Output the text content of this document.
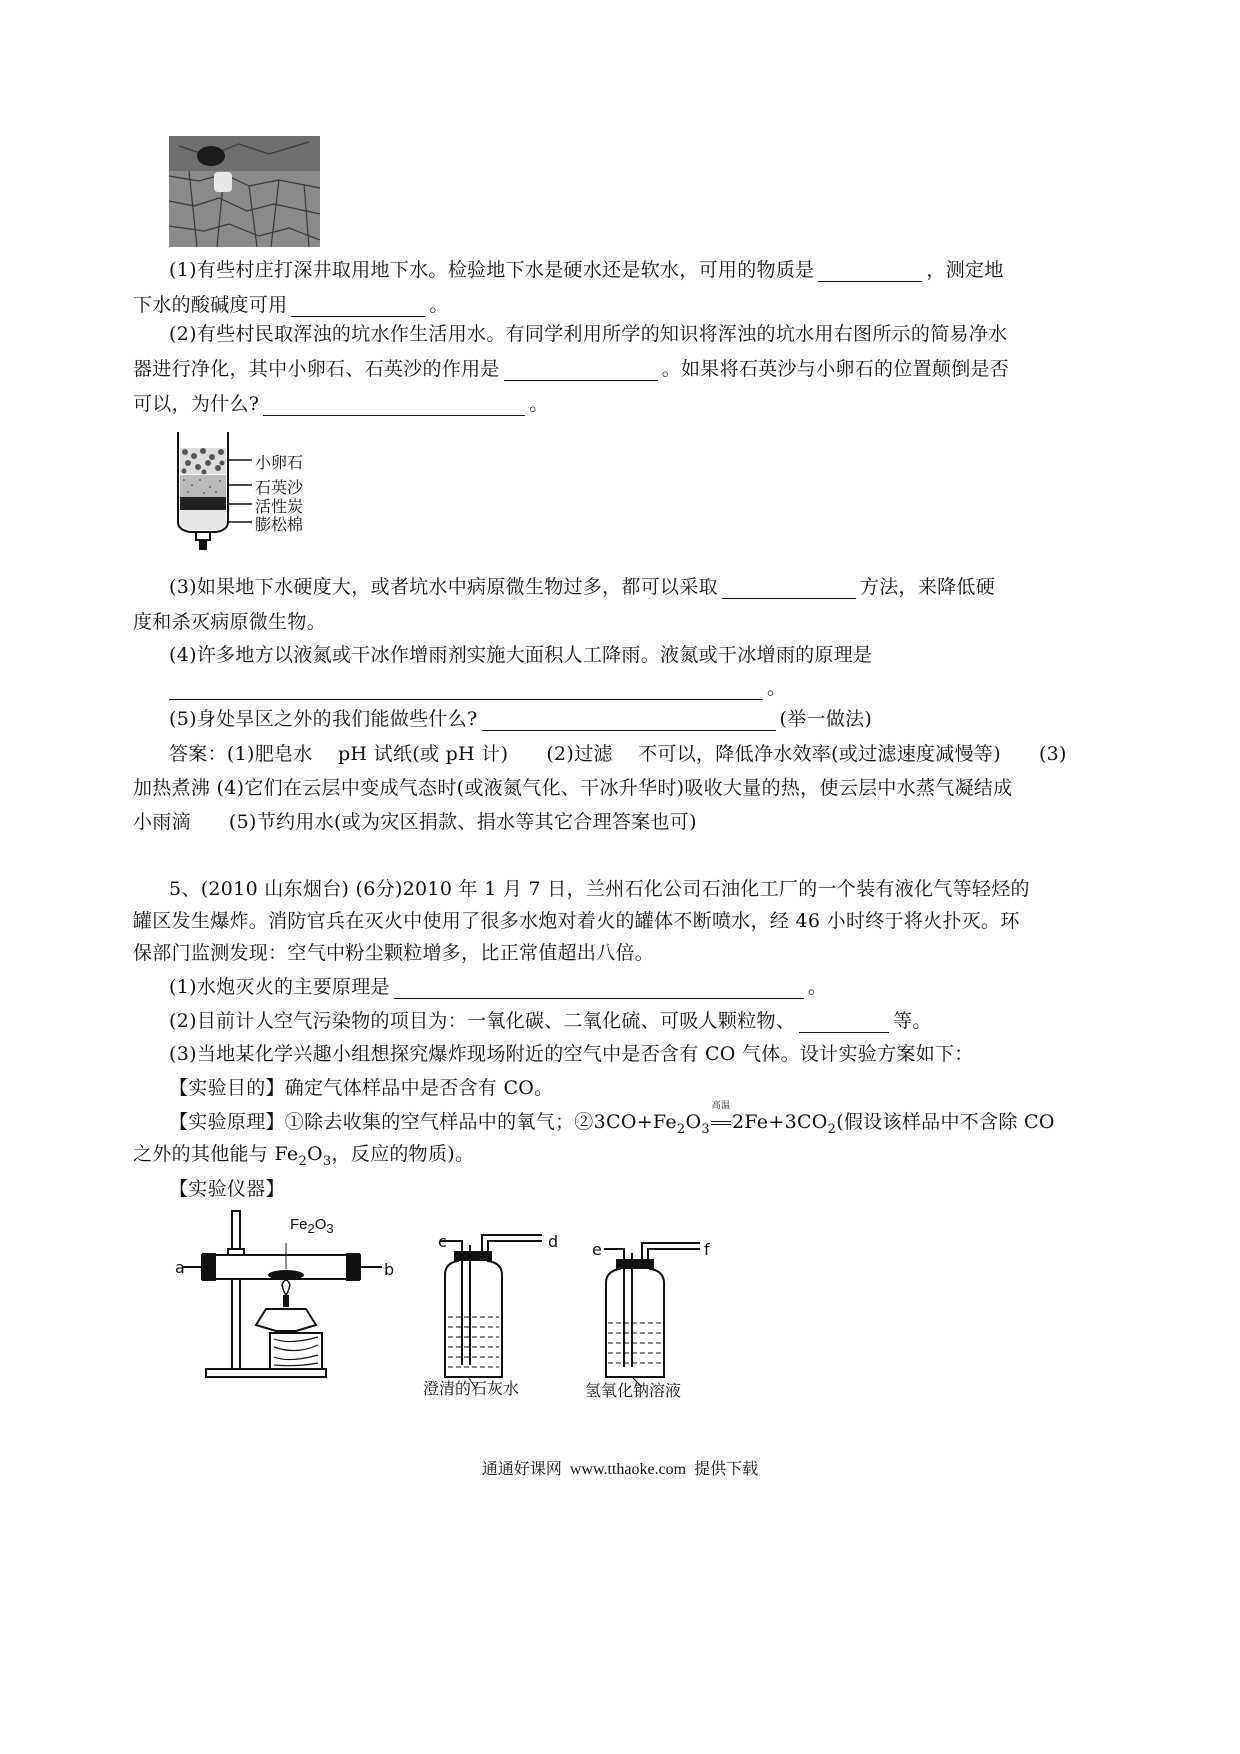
(1)有些村庄打深井取用地下水。检验地下水是硬水还是软水，可用的物质是	，测定地
下水的酸碱度可用	。
(2)有些村民取浑浊的坑水作生活用水。有同学利用所学的知识将浑浊的坑水用右图所示的简易净水
器进行净化，其中小卵石、石英沙的作用是	。如果将石英沙与小卵石的位置颠倒是否
可以，为什么?	。
小卵石
石英沙
活性炭
膨松棉
(3)如果地下水硬度大，或者坑水中病原微生物过多，都可以采取	方法，来降低硬
度和杀灭病原微生物。
(4)许多地方以液氮或干冰作增雨剂实施大面积人工降雨。液氮或干冰增雨的原理是
。
(5)身处旱区之外的我们能做些什么?	(举一做法)
答案：(1)肥皂水    pH 试纸(或 pH 计)      (2)过滤    不可以，降低净水效率(或过滤速度减慢等)      (3)
加热煮沸 (4)它们在云层中变成气态时(或液氮气化、干冰升华时)吸收大量的热，使云层中水蒸气凝结成
小雨滴      (5)节约用水(或为灾区捐款、捐水等其它合理答案也可)
5、(2010 山东烟台) (6分)2010 年 1 月 7 日，兰州石化公司石油化工厂的一个装有液化气等轻烃的
罐区发生爆炸。消防官兵在灭火中使用了很多水炮对着火的罐体不断喷水，经 46 小时终于将火扑灭。环
保部门监测发现：空气中粉尘颗粒增多，比正常值超出八倍。
(1)水炮灭火的主要原理是	。
(2)目前计人空气污染物的项目为：一氧化碳、二氧化硫、可吸人颗粒物、	等。
(3)当地某化学兴趣小组想探究爆炸现场附近的空气中是否含有 CO 气体。设计实验方案如下：
【实验目的】确定气体样品中是否含有 CO。
【实验原理】①除去收集的空气样品中的氧气；$②3CO+Fe_2O_3$
高温
$2Fe+3CO_2$(假设该样品中不含除 CO
之外的其他能与 $Fe_2O_3$，反应的物质)。
【实验仪器】
$Fe_2O_3$
a	b
c	d e	f
澄清的石灰水	氢氧化钠溶液
通通好课网  www.tthaoke.com  提供下载
